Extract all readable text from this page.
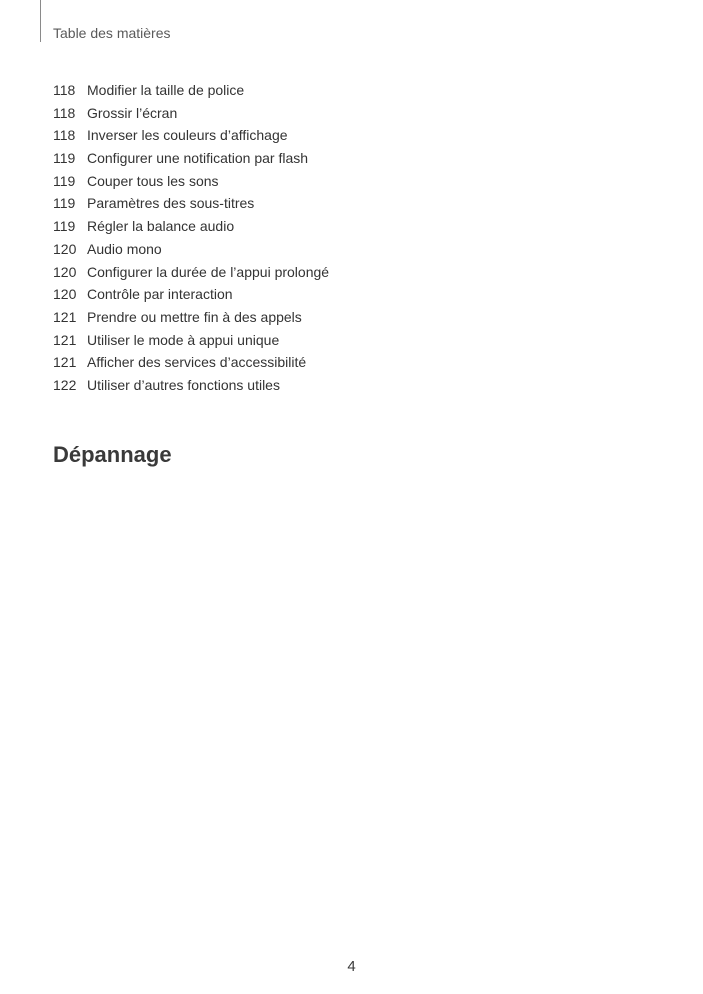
Table des matières
118 Modifier la taille de police
118 Grossir l’écran
118 Inverser les couleurs d’affichage
119 Configurer une notification par flash
119 Couper tous les sons
119 Paramètres des sous-titres
119 Régler la balance audio
120 Audio mono
120 Configurer la durée de l’appui prolongé
120 Contrôle par interaction
121 Prendre ou mettre fin à des appels
121 Utiliser le mode à appui unique
121 Afficher des services d’accessibilité
122 Utiliser d’autres fonctions utiles
Dépannage
4
